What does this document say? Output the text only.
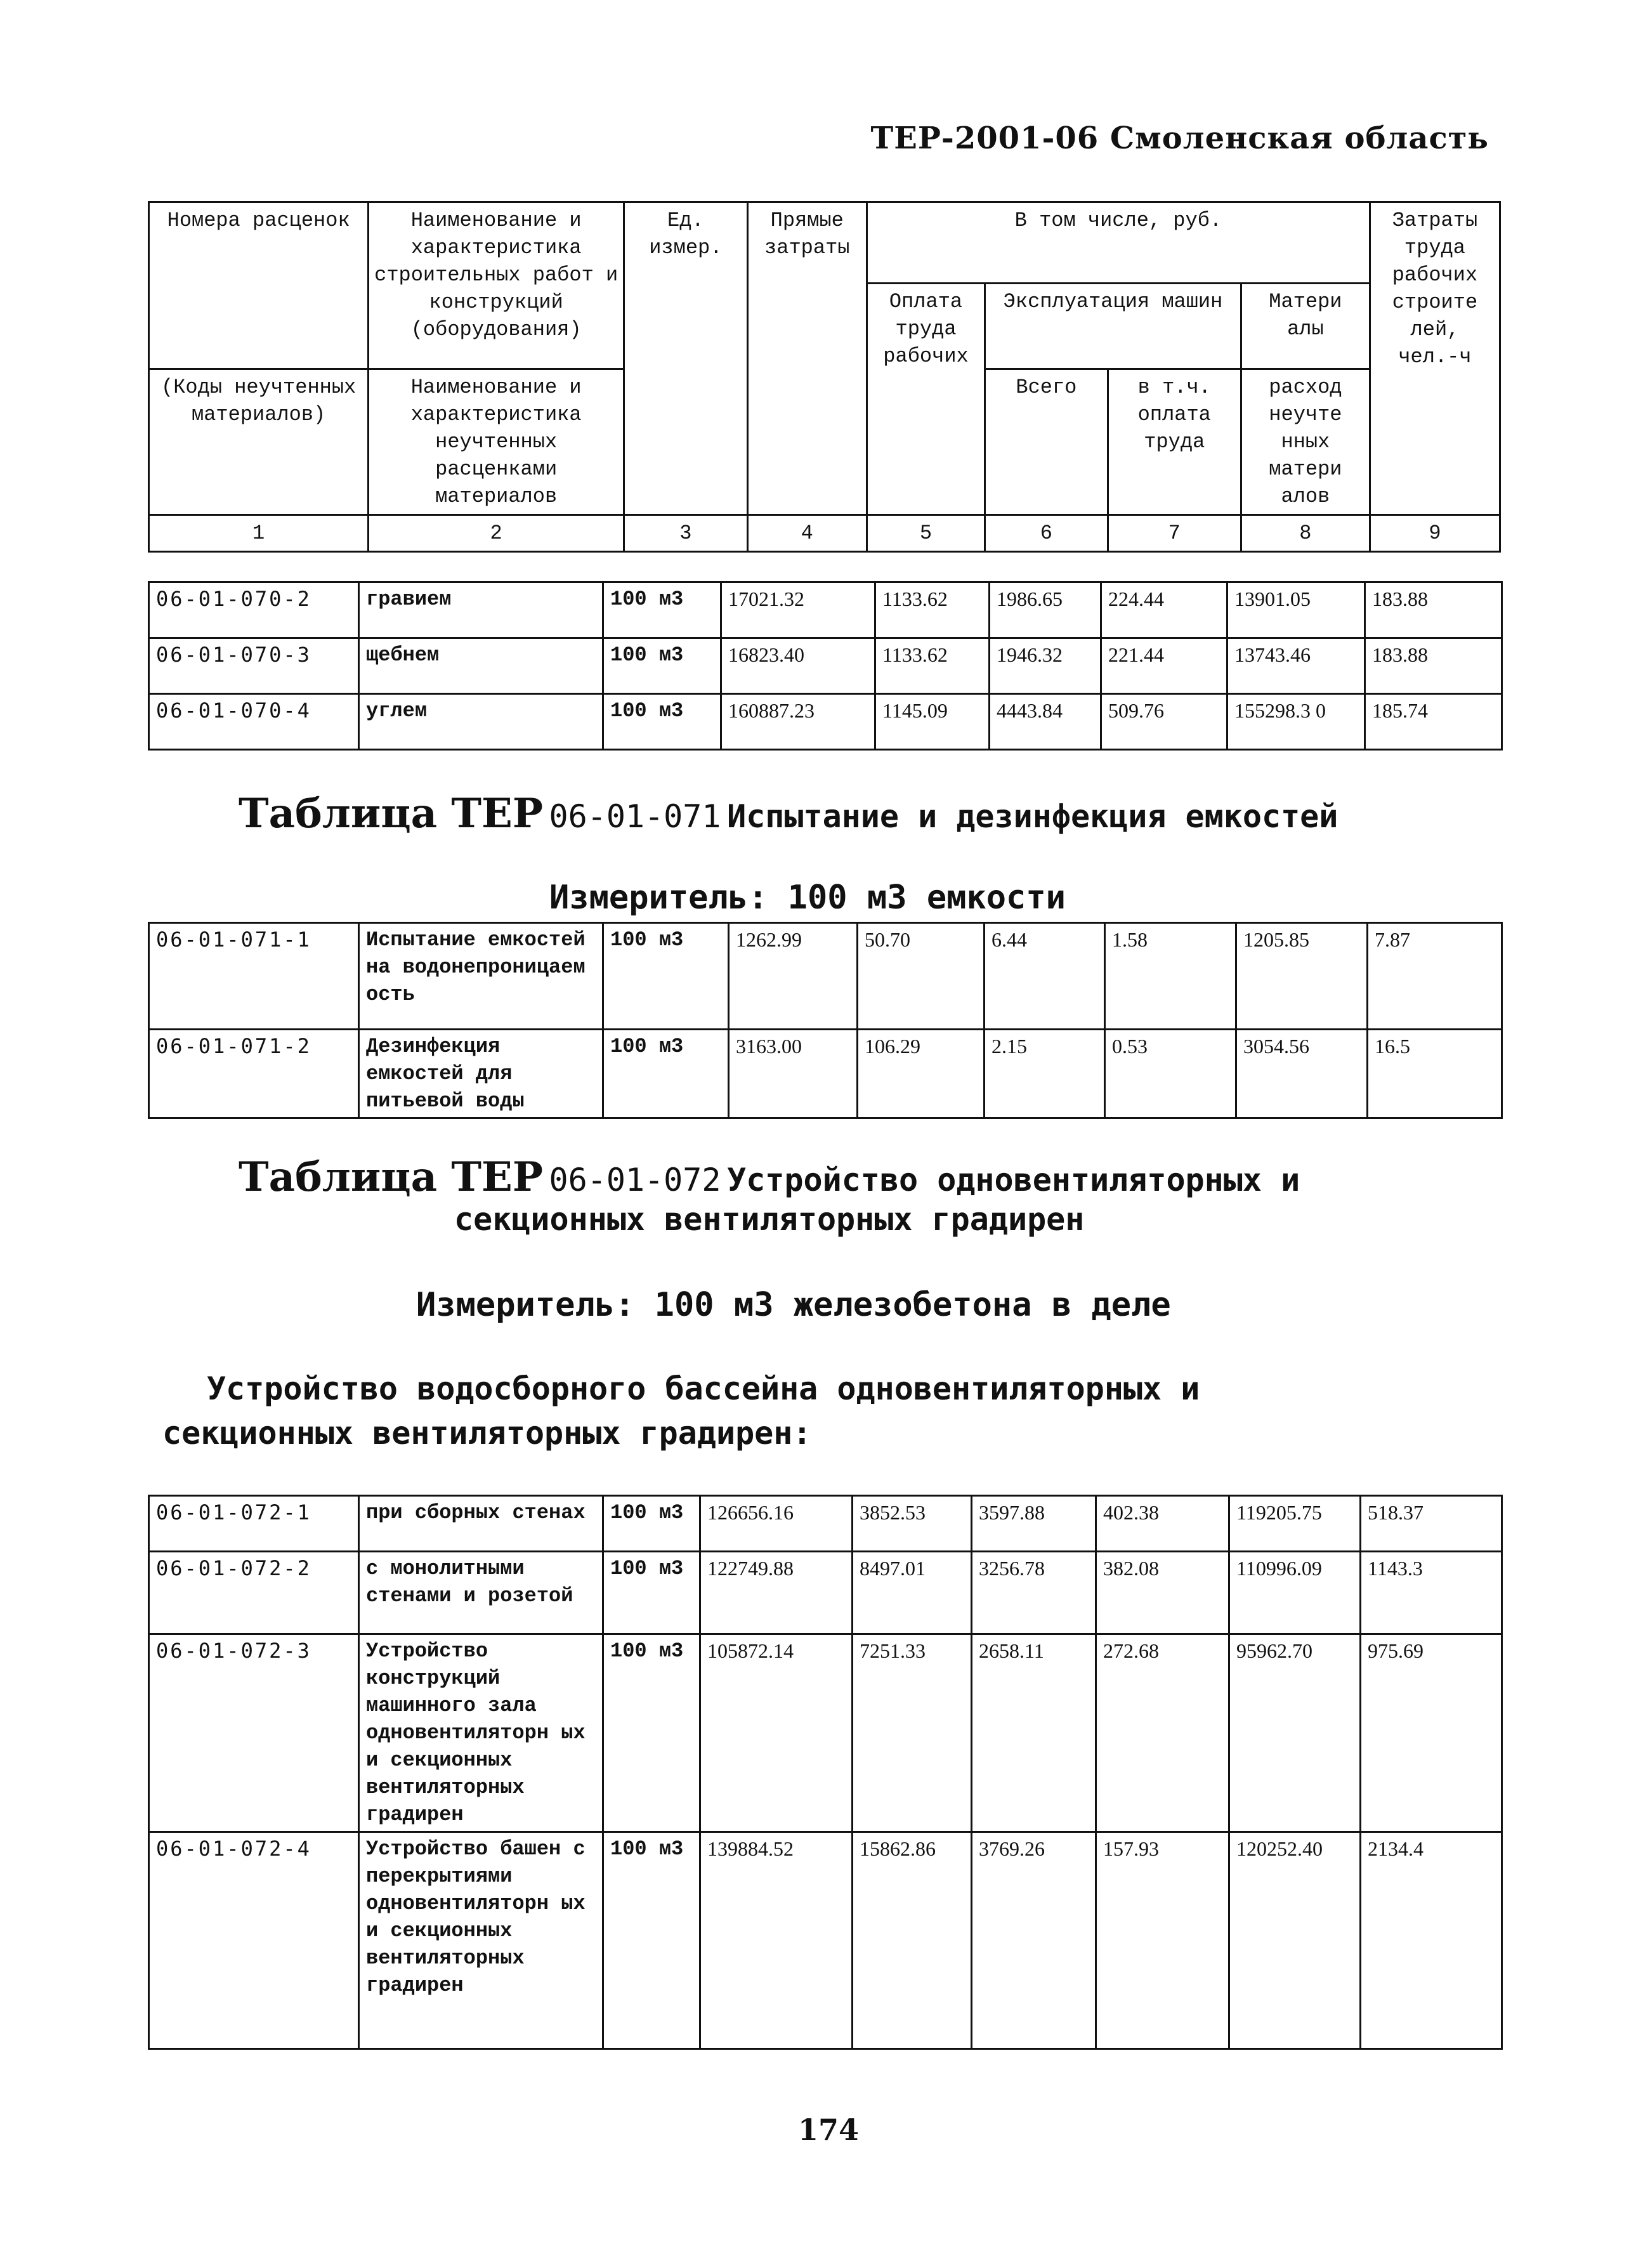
ТЕР-2001-06 Смоленская область
Номера расценок	Наименование и характеристика строительных работ и конструкций (оборудования)	Ед. измер.	Прямые затраты	В том числе, руб.				Затраты труда рабочих строите лей, чел.-ч
				Оплата труда рабочих	Эксплуатация машин		Матери алы	
(Коды неучтенных материалов)	Наименование и характеристика неучтенных расценками материалов				Всего	в т.ч. оплата труда	расход неучте нных матери алов	
1	2	3	4	5	6	7	8	9
06-01-070-2	гравием	100 м3	17021.32	1133.62	1986.65	224.44	13901.05	183.88
06-01-070-3	щебнем	100 м3	16823.40	1133.62	1946.32	221.44	13743.46	183.88
06-01-070-4	углем	100 м3	160887.23	1145.09	4443.84	509.76	155298.3 0	185.74
Таблица ТЕР 06-01-071 Испытание и дезинфекция емкостей
Измеритель: 100 м3 емкости
06-01-071-1	Испытание емкостей на водонепроницаем ость	100 м3	1262.99	50.70	6.44	1.58	1205.85	7.87
06-01-071-2	Дезинфекция емкостей для питьевой воды	100 м3	3163.00	106.29	2.15	0.53	3054.56	16.5
Таблица ТЕР 06-01-072 Устройство одновентиляторных и
секционных вентиляторных градирен
Измеритель: 100 м3 железобетона в деле
Устройство водосборного бассейна одновентиляторных и
секционных вентиляторных градирен:
06-01-072-1	при сборных стенах	100 м3	126656.16	3852.53	3597.88	402.38	119205.75	518.37
06-01-072-2	с монолитными стенами и розетой	100 м3	122749.88	8497.01	3256.78	382.08	110996.09	1143.3
06-01-072-3	Устройство конструкций машинного зала одновентиляторн ых и секционных вентиляторных градирен	100 м3	105872.14	7251.33	2658.11	272.68	95962.70	975.69
06-01-072-4	Устройство башен с перекрытиями одновентиляторн ых и секционных вентиляторных градирен	100 м3	139884.52	15862.86	3769.26	157.93	120252.40	2134.4
174
